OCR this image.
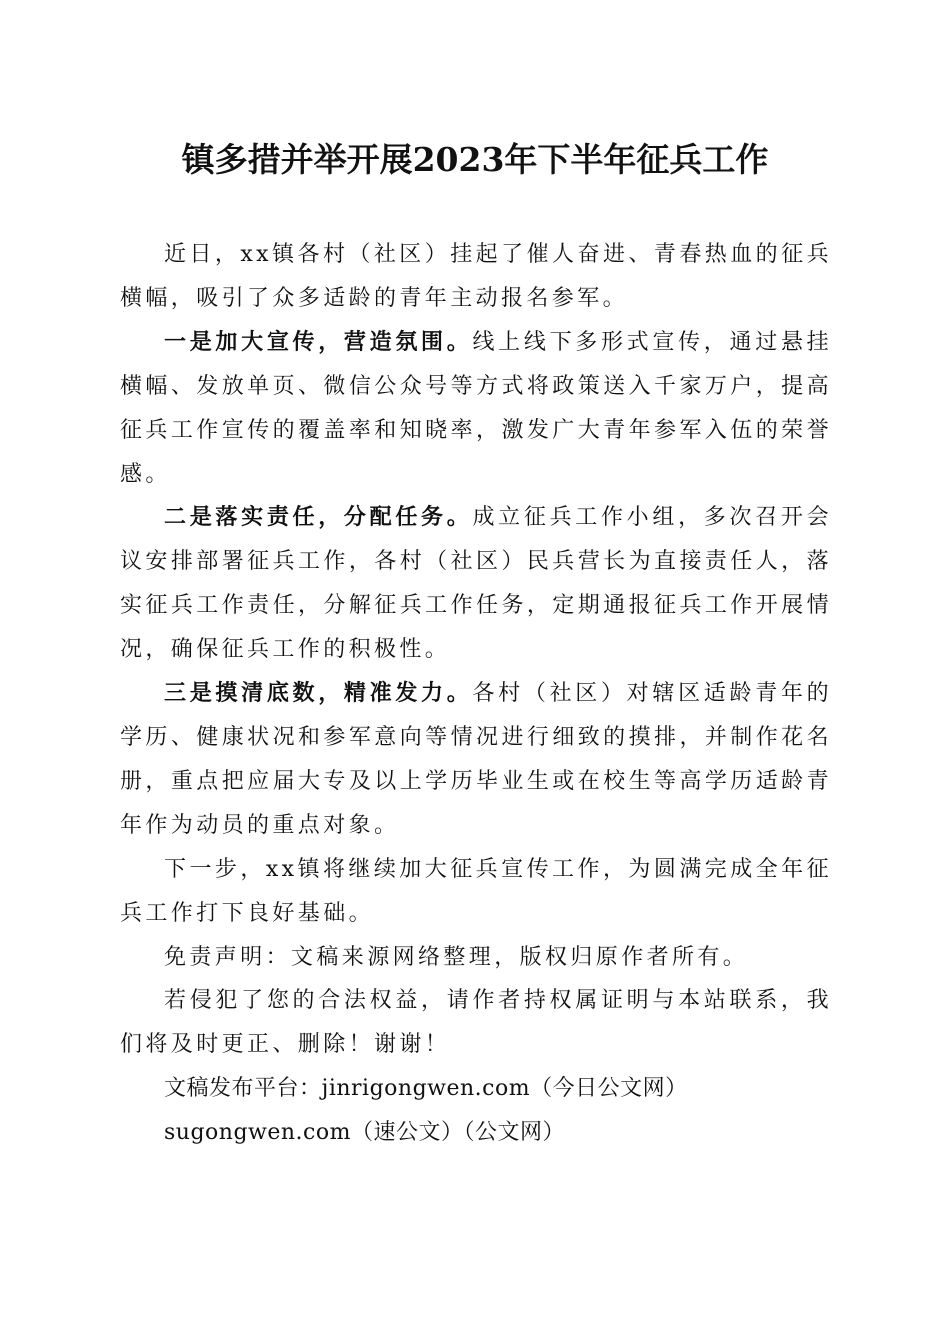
镇多措并举开展2023年下半年征兵工作

近日，xx镇各村（社区）挂起了催人奋进、青春热血的征兵横幅，吸引了众多适龄的青年主动报名参军。

一是加大宣传，营造氛围。线上线下多形式宣传，通过悬挂横幅、发放单页、微信公众号等方式将政策送入千家万户，提高征兵工作宣传的覆盖率和知晓率，激发广大青年参军入伍的荣誉感。

二是落实责任，分配任务。成立征兵工作小组，多次召开会议安排部署征兵工作，各村（社区）民兵营长为直接责任人，落实征兵工作责任，分解征兵工作任务，定期通报征兵工作开展情况，确保征兵工作的积极性。

三是摸清底数，精准发力。各村（社区）对辖区适龄青年的学历、健康状况和参军意向等情况进行细致的摸排，并制作花名册，重点把应届大专及以上学历毕业生或在校生等高学历适龄青年作为动员的重点对象。

下一步，xx镇将继续加大征兵宣传工作，为圆满完成全年征兵工作打下良好基础。

免责声明：文稿来源网络整理，版权归原作者所有。

若侵犯了您的合法权益，请作者持权属证明与本站联系，我们将及时更正、删除！谢谢！

文稿发布平台：jinrigongwen.com（今日公文网）

sugongwen.com（速公文）（公文网）
